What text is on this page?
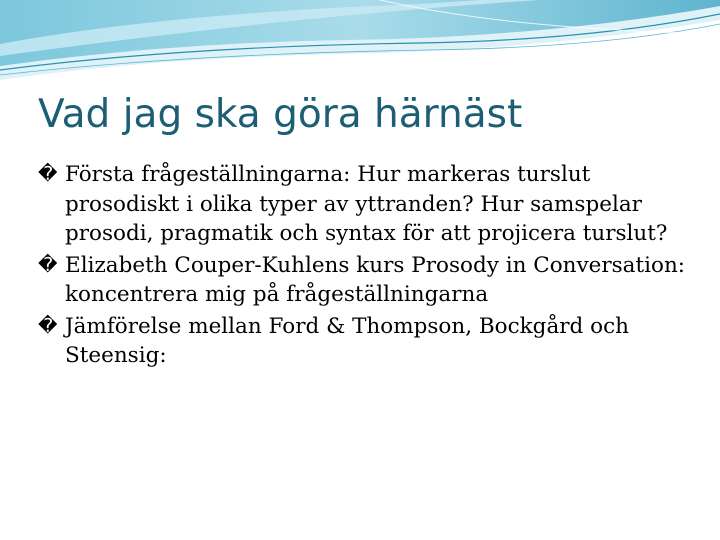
Vad jag ska göra härnäst
� Första frågeställningarna: Hur markeras turslut prosodiskt i olika typer av yttranden? Hur samspelar prosodi, pragmatik och syntax för att projicera turslut?
� Elizabeth Couper-Kuhlens kurs Prosody in Conversation: koncentrera mig på frågeställningarna
� Jämförelse mellan Ford & Thompson, Bockgård och Steensig:
